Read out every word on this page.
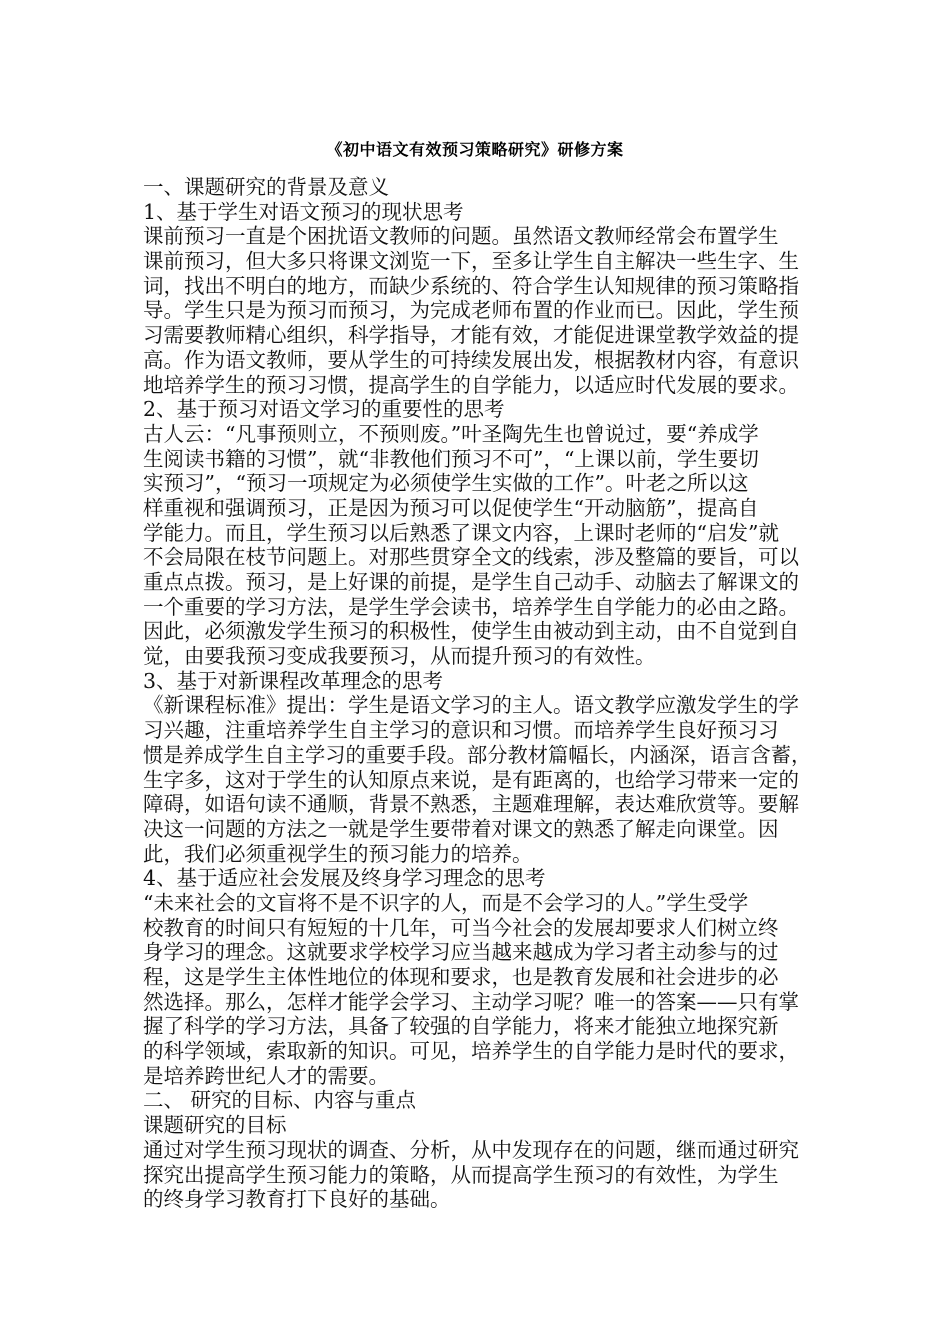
《初中语文有效预习策略研究》研修方案
一、课题研究的背景及意义
1、基于学生对语文预习的现状思考
课前预习一直是个困扰语文教师的问题。虽然语文教师经常会布置学生
课前预习，但大多只将课文浏览一下，至多让学生自主解决一些生字、生
词，找出不明白的地方，而缺少系统的、符合学生认知规律的预习策略指
导。学生只是为预习而预习，为完成老师布置的作业而已。因此，学生预
习需要教师精心组织，科学指导，才能有效，才能促进课堂教学效益的提
高。作为语文教师，要从学生的可持续发展出发，根据教材内容，有意识
地培养学生的预习习惯，提高学生的自学能力，以适应时代发展的要求。
2、基于预习对语文学习的重要性的思考
古人云：“凡事预则立，不预则废。”叶圣陶先生也曾说过，要“养成学
生阅读书籍的习惯”，就“非教他们预习不可”，“上课以前，学生要切
实预习”，“预习一项规定为必须使学生实做的工作”。叶老之所以这
样重视和强调预习，正是因为预习可以促使学生“开动脑筋”，提高自
学能力。而且，学生预习以后熟悉了课文内容，上课时老师的“启发”就
不会局限在枝节问题上。对那些贯穿全文的线索，涉及整篇的要旨，可以
重点点拨。预习，是上好课的前提，是学生自己动手、动脑去了解课文的
一个重要的学习方法，是学生学会读书，培养学生自学能力的必由之路。
因此，必须激发学生预习的积极性，使学生由被动到主动，由不自觉到自
觉，由要我预习变成我要预习，从而提升预习的有效性。
3、基于对新课程改革理念的思考
《新课程标准》提出：学生是语文学习的主人。语文教学应激发学生的学
习兴趣，注重培养学生自主学习的意识和习惯。而培养学生良好预习习
惯是养成学生自主学习的重要手段。部分教材篇幅长，内涵深，语言含蓄，
生字多，这对于学生的认知原点来说，是有距离的，也给学习带来一定的
障碍，如语句读不通顺，背景不熟悉，主题难理解，表达难欣赏等。要解
决这一问题的方法之一就是学生要带着对课文的熟悉了解走向课堂。因
此，我们必须重视学生的预习能力的培养。
4、基于适应社会发展及终身学习理念的思考
“未来社会的文盲将不是不识字的人，而是不会学习的人。”学生受学
校教育的时间只有短短的十几年，可当今社会的发展却要求人们树立终
身学习的理念。这就要求学校学习应当越来越成为学习者主动参与的过
程，这是学生主体性地位的体现和要求，也是教育发展和社会进步的必
然选择。那么，怎样才能学会学习、主动学习呢？唯一的答案——只有掌
握了科学的学习方法，具备了较强的自学能力，将来才能独立地探究新
的科学领域，索取新的知识。可见，培养学生的自学能力是时代的要求，
是培养跨世纪人才的需要。
二、 研究的目标、内容与重点
课题研究的目标
通过对学生预习现状的调查、分析，从中发现存在的问题，继而通过研究
探究出提高学生预习能力的策略，从而提高学生预习的有效性，为学生
的终身学习教育打下良好的基础。
